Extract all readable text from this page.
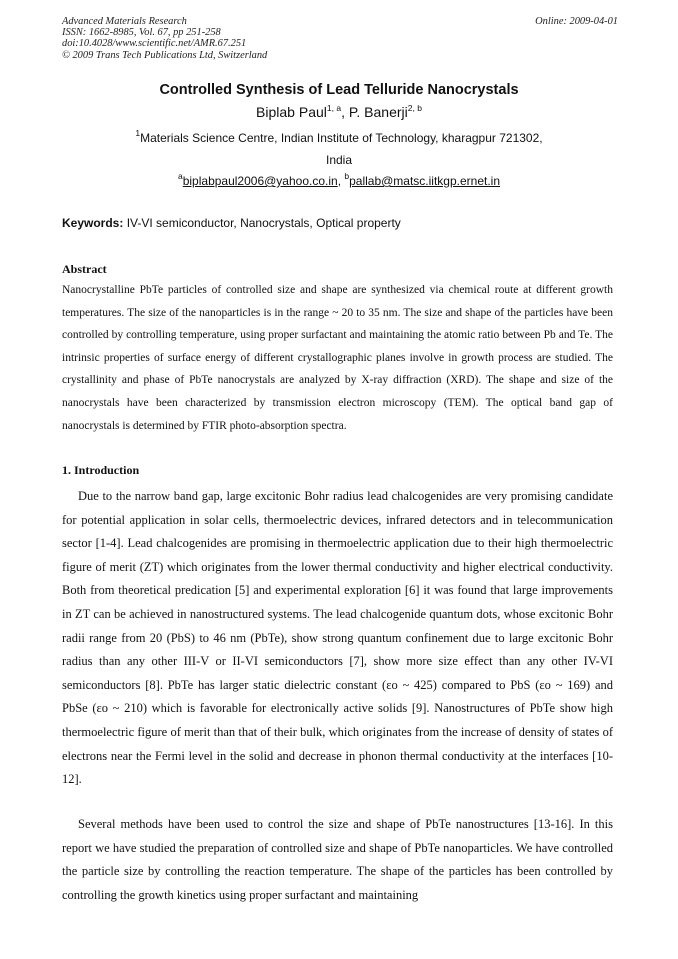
Advanced Materials Research
ISSN: 1662-8985, Vol. 67, pp 251-258
doi:10.4028/www.scientific.net/AMR.67.251
© 2009 Trans Tech Publications Ltd, Switzerland
Online: 2009-04-01
Controlled Synthesis of Lead Telluride Nanocrystals
Biplab Paul$^{1, a}$, P. Banerji$^{2, b}$
$^1$Materials Science Centre, Indian Institute of Technology, kharagpur 721302,
India
$^a$biplabpaul2006@yahoo.co.in, $^b$pallab@matsc.iitkgp.ernet.in
Keywords: IV-VI semiconductor, Nanocrystals, Optical property
Abstract
Nanocrystalline PbTe particles of controlled size and shape are synthesized via chemical route at different growth temperatures. The size of the nanoparticles is in the range ~ 20 to 35 nm. The size and shape of the particles have been controlled by controlling temperature, using proper surfactant and maintaining the atomic ratio between Pb and Te. The intrinsic properties of surface energy of different crystallographic planes involve in growth process are studied. The crystallinity and phase of PbTe nanocrystals are analyzed by X-ray diffraction (XRD). The shape and size of the nanocrystals have been characterized by transmission electron microscopy (TEM). The optical band gap of nanocrystals is determined by FTIR photo-absorption spectra.
1. Introduction
Due to the narrow band gap, large excitonic Bohr radius lead chalcogenides are very promising candidate for potential application in solar cells, thermoelectric devices, infrared detectors and in telecommunication sector [1-4]. Lead chalcogenides are promising in thermoelectric application due to their high thermoelectric figure of merit (ZT) which originates from the lower thermal conductivity and higher electrical conductivity. Both from theoretical predication [5] and experimental exploration [6] it was found that large improvements in ZT can be achieved in nanostructured systems. The lead chalcogenide quantum dots, whose excitonic Bohr radii range from 20 (PbS) to 46 nm (PbTe), show strong quantum confinement due to large excitonic Bohr radius than any other III-V or II-VI semiconductors [7], show more size effect than any other IV-VI semiconductors [8]. PbTe has larger static dielectric constant (εo ~ 425) compared to PbS (εo ~ 169) and PbSe (εo ~ 210) which is favorable for electronically active solids [9]. Nanostructures of PbTe show high thermoelectric figure of merit than that of their bulk, which originates from the increase of density of states of electrons near the Fermi level in the solid and decrease in phonon thermal conductivity at the interfaces [10-12].
Several methods have been used to control the size and shape of PbTe nanostructures [13-16]. In this report we have studied the preparation of controlled size and shape of PbTe nanoparticles. We have controlled the particle size by controlling the reaction temperature. The shape of the particles has been controlled by controlling the growth kinetics using proper surfactant and maintaining
